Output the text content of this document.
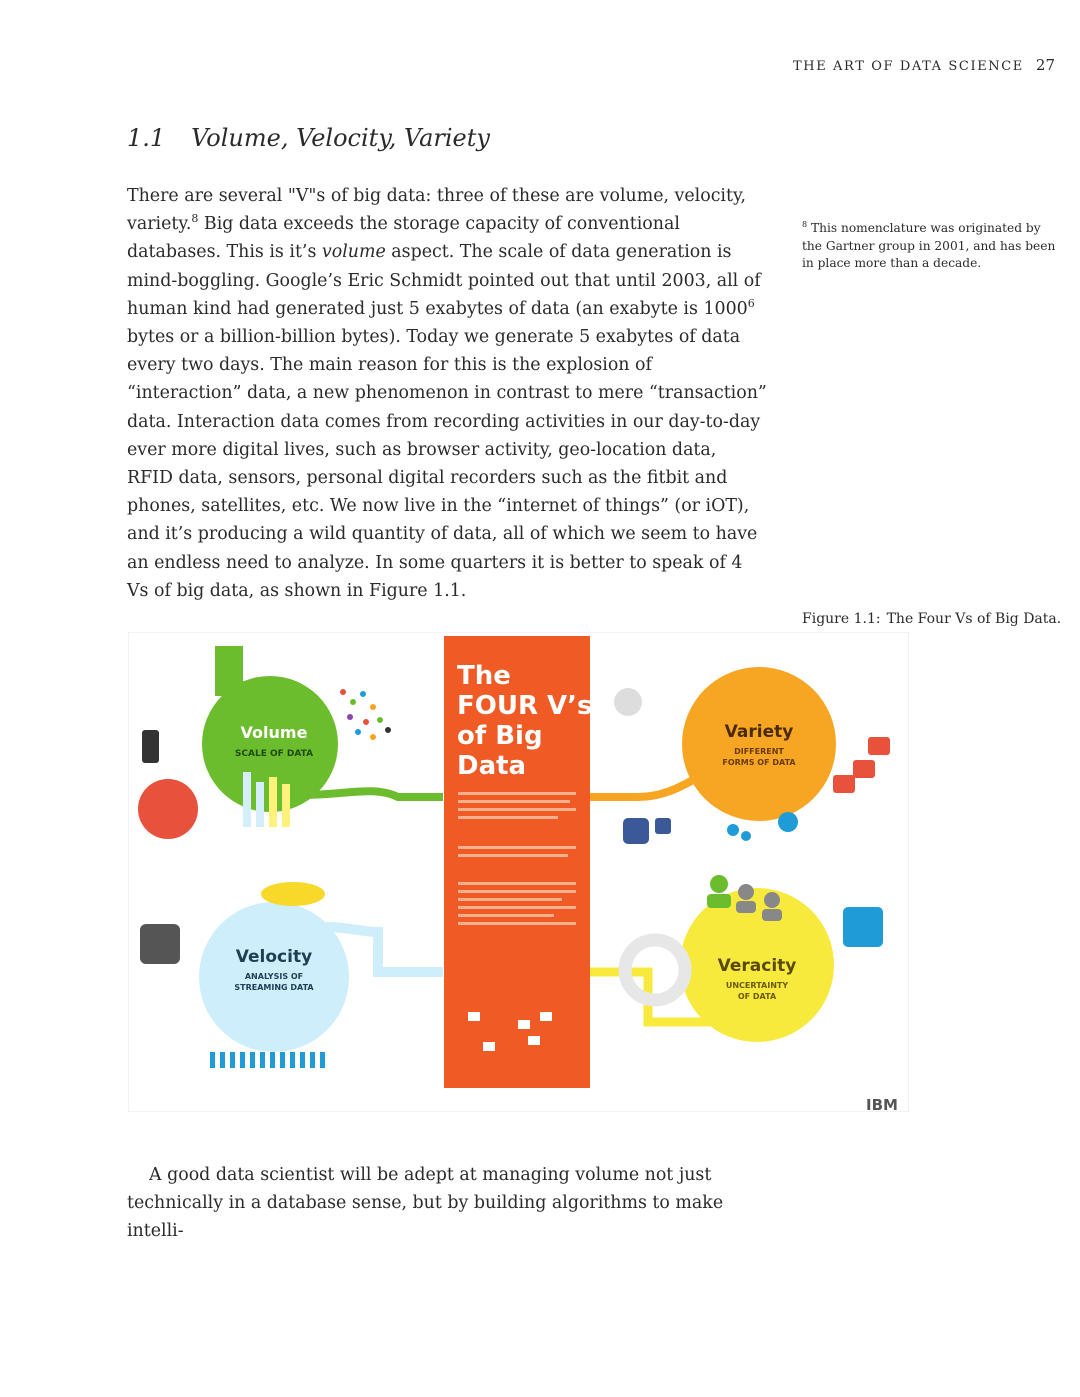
THE ART OF DATA SCIENCE 27
1.1 Volume, Velocity, Variety

There are several "V"s of big data: three of these are volume, velocity, variety.$^8$ Big data exceeds the storage capacity of conventional databases. This is it’s volume aspect. The scale of data generation is mind-boggling. Google’s Eric Schmidt pointed out that until 2003, all of human kind had generated just 5 exabytes of data (an exabyte is 1000$^6$ bytes or a billion-billion bytes). Today we generate 5 exabytes of data every two days. The main reason for this is the explosion of “interaction” data, a new phenomenon in contrast to mere “transaction” data. Interaction data comes from recording activities in our day-to-day ever more digital lives, such as browser activity, geo-location data, RFID data, sensors, personal digital recorders such as the fitbit and phones, satellites, etc. We now live in the “internet of things” (or iOT), and it’s producing a wild quantity of data, all of which we seem to have an endless need to analyze. In some quarters it is better to speak of 4 Vs of big data, as shown in Figure 1.1.

$^8$ This nomenclature was originated by the Gartner group in 2001, and has been in place more than a decade.

Figure 1.1: The Four Vs of Big Data.

Volume
SCALE OF DATA
Velocity
ANALYSIS OF
STREAMING DATA
The
FOUR V’s
of Big
Data
Variety
DIFFERENT
FORMS OF DATA
Veracity
UNCERTAINTY
OF DATA
IBM

A good data scientist will be adept at managing volume not just technically in a database sense, but by building algorithms to make intelli-
